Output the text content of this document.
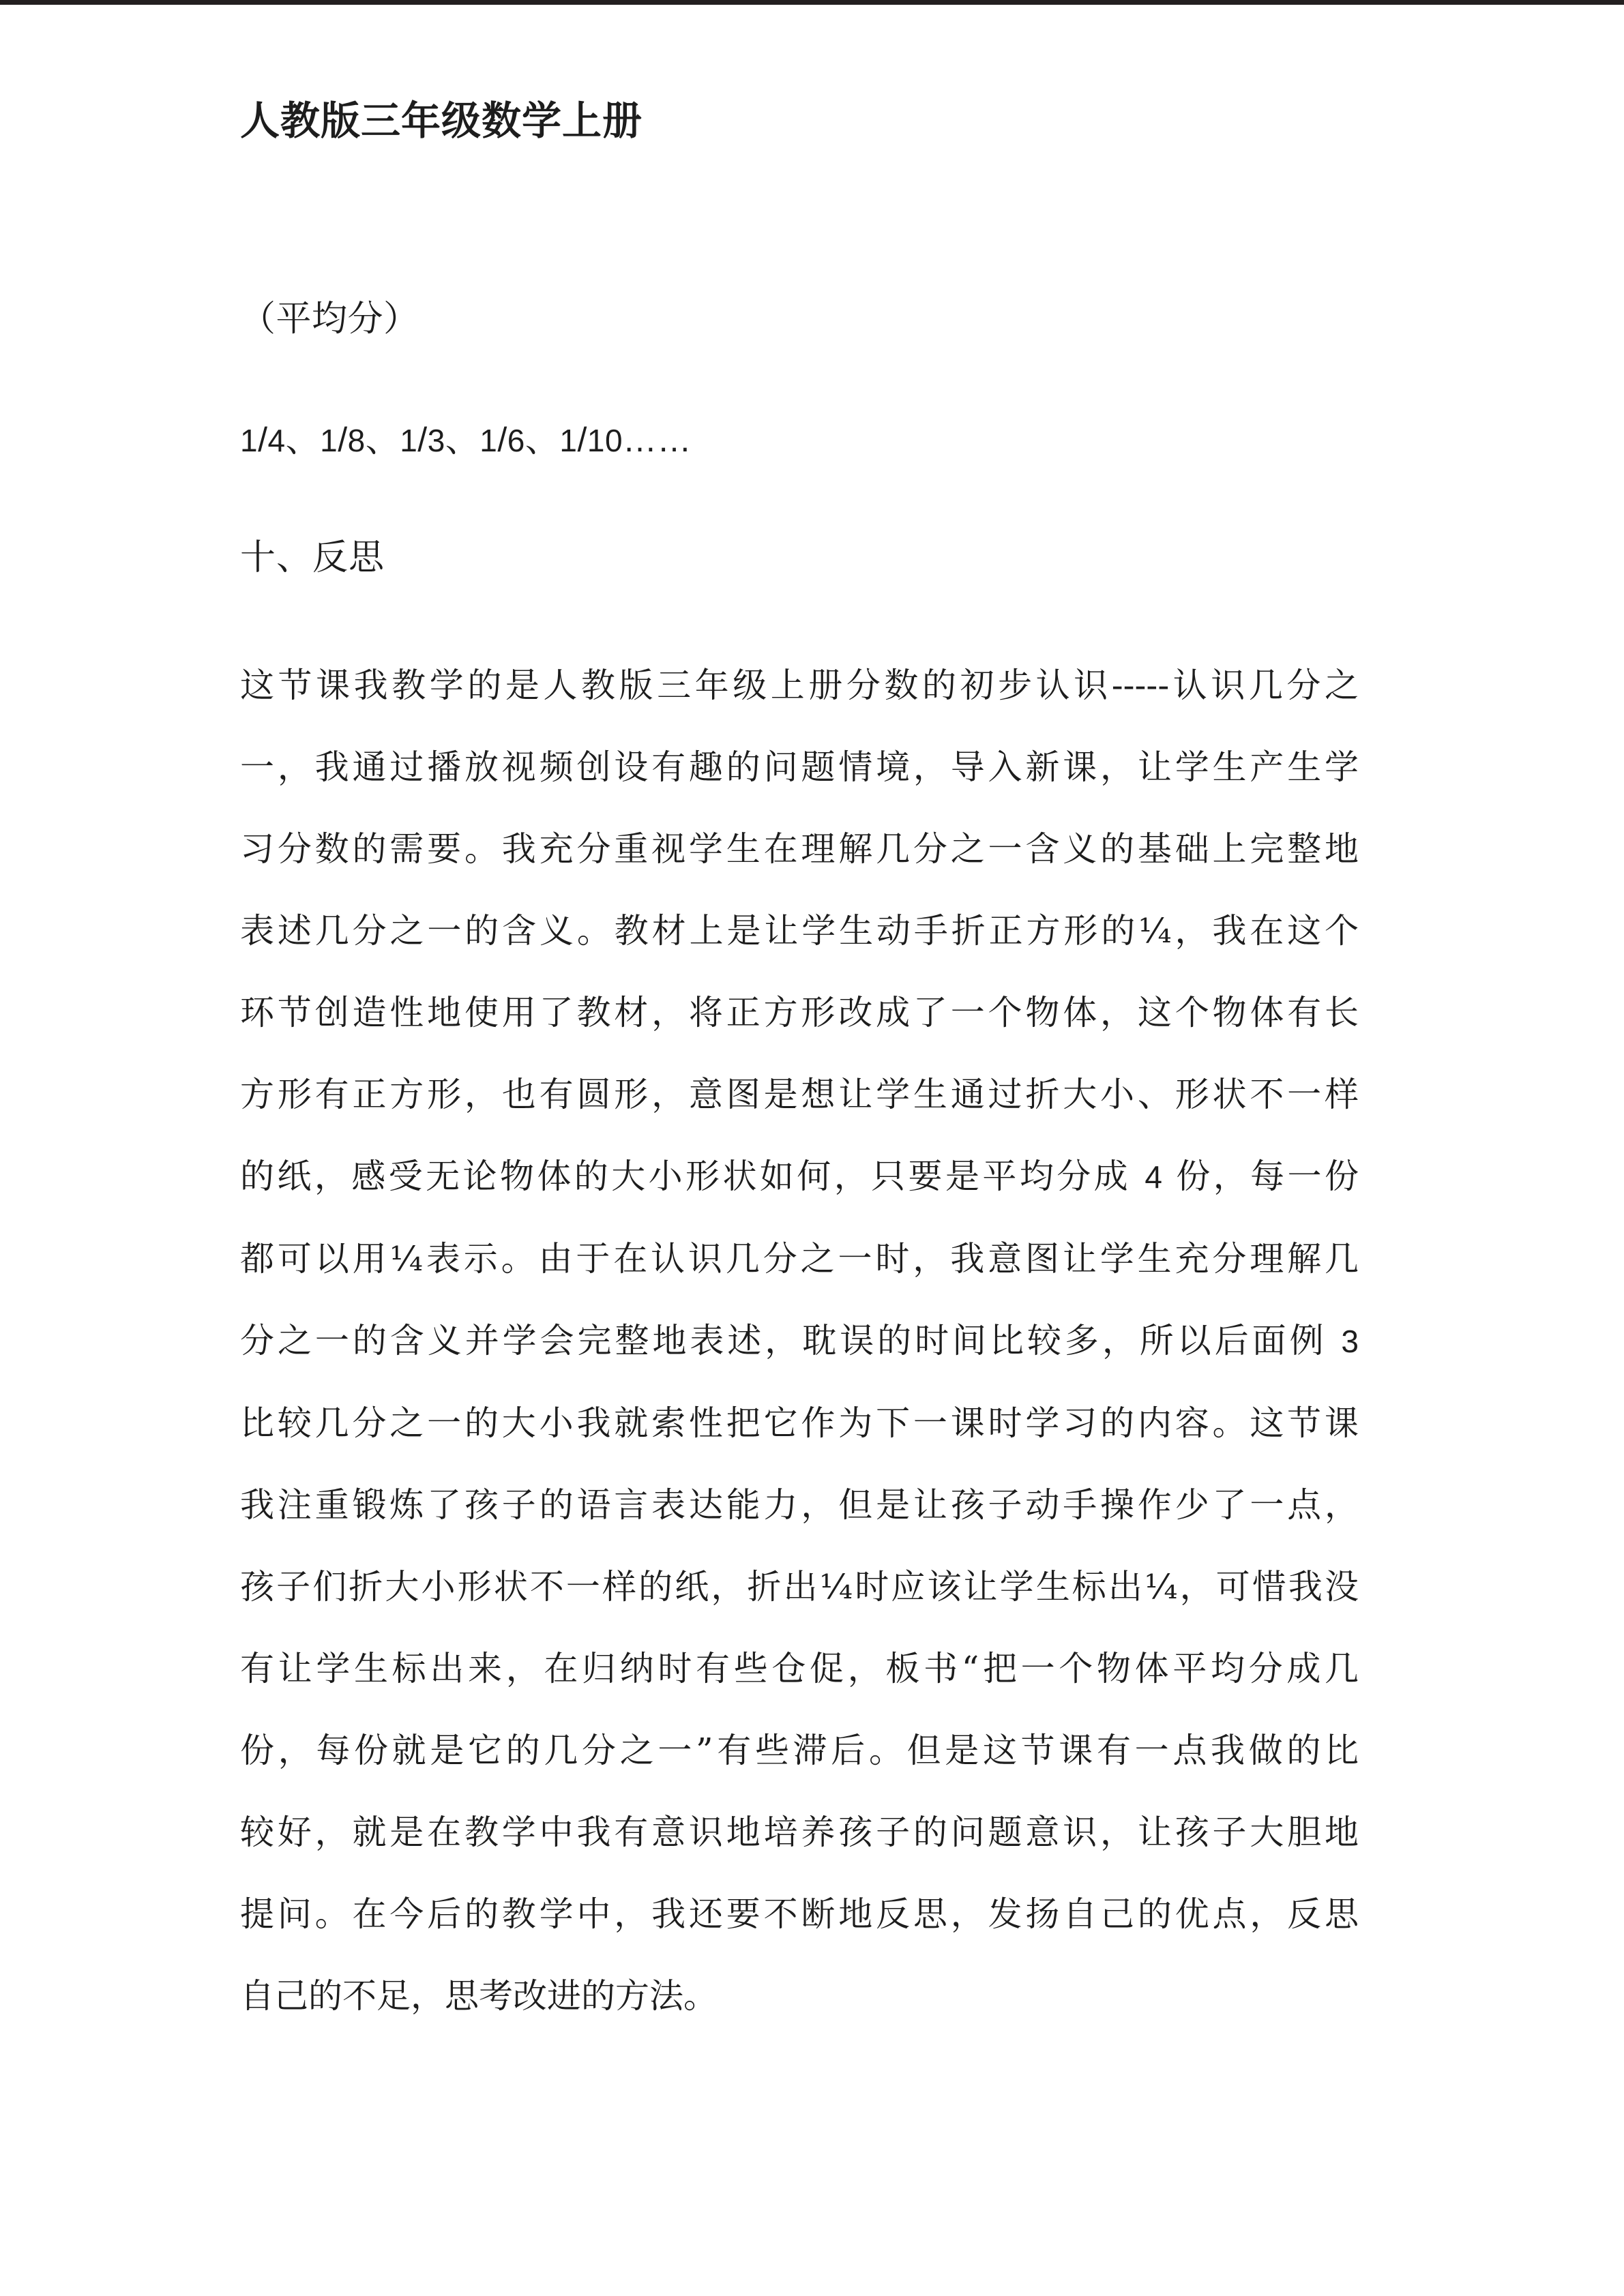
人教版三年级数学上册
（平均分）
1/4、1/8、1/3、1/6、1/10……
十、反思
这节课我教学的是人教版三年级上册分数的初步认识-----认识几分之
一，我通过播放视频创设有趣的问题情境，导入新课，让学生产生学
习分数的需要。我充分重视学生在理解几分之一含义的基础上完整地
表述几分之一的含义。教材上是让学生动手折正方形的¼，我在这个
环节创造性地使用了教材，将正方形改成了一个物体，这个物体有长
方形有正方形，也有圆形，意图是想让学生通过折大小、形状不一样
的纸，感受无论物体的大小形状如何，只要是平均分成 4 份，每一份
都可以用¼表示。由于在认识几分之一时，我意图让学生充分理解几
分之一的含义并学会完整地表述，耽误的时间比较多，所以后面例 3
比较几分之一的大小我就索性把它作为下一课时学习的内容。这节课
我注重锻炼了孩子的语言表达能力，但是让孩子动手操作少了一点，
孩子们折大小形状不一样的纸，折出¼时应该让学生标出¼，可惜我没
有让学生标出来，在归纳时有些仓促，板书“把一个物体平均分成几
份，每份就是它的几分之一”有些滞后。但是这节课有一点我做的比
较好，就是在教学中我有意识地培养孩子的问题意识，让孩子大胆地
提问。在今后的教学中，我还要不断地反思，发扬自己的优点，反思
自己的不足，思考改进的方法。
